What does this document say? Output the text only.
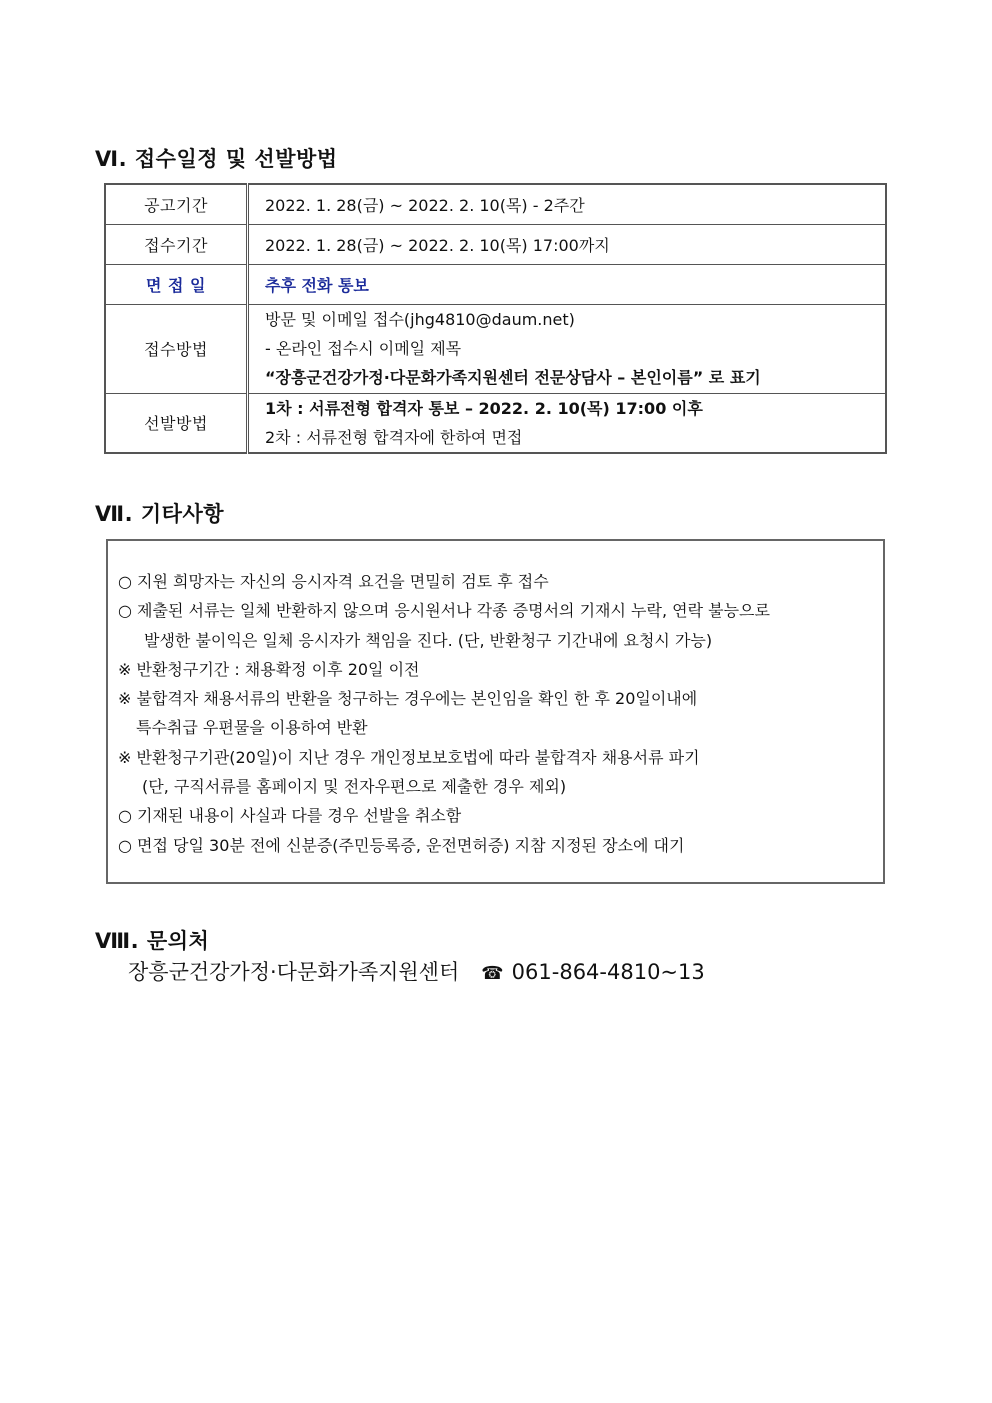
Ⅵ. 접수일정 및 선발방법
공고기간	2022. 1. 28(금) ~ 2022. 2. 10(목) - 2주간
접수기간	2022. 1. 28(금) ~ 2022. 2. 10(목) 17:00까지
면 접 일	추후 전화 통보
접수방법	방문 및 이메일 접수(jhg4810@daum.net)
- 온라인 접수시 이메일 제목
“장흥군건강가정·다문화가족지원센터 전문상담사 – 본인이름” 로 표기

선발방법	1차 : 서류전형 합격자 통보 – 2022. 2. 10(목) 17:00 이후
2차 : 서류전형 합격자에 한하여 면접
Ⅶ. 기타사항
○ 지원 희망자는 자신의 응시자격 요건을 면밀히 검토 후 접수
○ 제출된 서류는 일체 반환하지 않으며 응시원서나 각종 증명서의 기재시 누락, 연락 불능으로
발생한 불이익은 일체 응시자가 책임을 진다. (단, 반환청구 기간내에 요청시 가능)
※ 반환청구기간 : 채용확정 이후 20일 이전
※ 불합격자 채용서류의 반환을 청구하는 경우에는 본인임을 확인 한 후 20일이내에
특수취급 우편물을 이용하여 반환
※ 반환청구기관(20일)이 지난 경우 개인정보보호법에 따라 불합격자 채용서류 파기
(단, 구직서류를 홈페이지 및 전자우편으로 제출한 경우 제외)
○ 기재된 내용이 사실과 다를 경우 선발을 취소함
○ 면접 당일 30분 전에 신분증(주민등록증, 운전면허증) 지참 지정된 장소에 대기
Ⅷ. 문의처
장흥군건강가정·다문화가족지원센터 ☎ 061-864-4810~13
